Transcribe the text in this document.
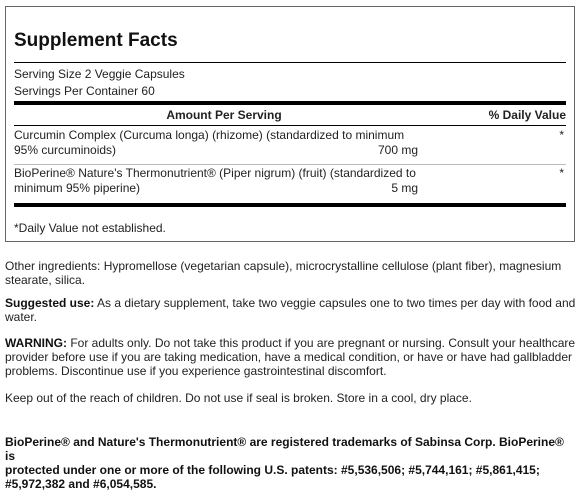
Supplement Facts
Serving Size 2 Veggie Capsules
Servings Per Container 60
Amount Per Serving	% Daily Value
Curcumin Complex (Curcuma longa) (rhizome) (standardized to minimum
95% curcuminoids)	700 mg
*
BioPerine® Nature's Thermonutrient® (Piper nigrum) (fruit) (standardized to
minimum 95% piperine)	5 mg
*
*Daily Value not established.
Other ingredients: Hypromellose (vegetarian capsule), microcrystalline cellulose (plant fiber), magnesium
stearate, silica.
Suggested use: As a dietary supplement, take two veggie capsules one to two times per day with food and
water.
WARNING: For adults only. Do not take this product if you are pregnant or nursing. Consult your healthcare
provider before use if you are taking medication, have a medical condition, or have or have had gallbladder
problems. Discontinue use if you experience gastrointestinal discomfort.
Keep out of the reach of children. Do not use if seal is broken. Store in a cool, dry place.
BioPerine® and Nature's Thermonutrient® are registered trademarks of Sabinsa Corp. BioPerine® is
protected under one or more of the following U.S. patents: #5,536,506; #5,744,161; #5,861,415;
#5,972,382 and #6,054,585.
